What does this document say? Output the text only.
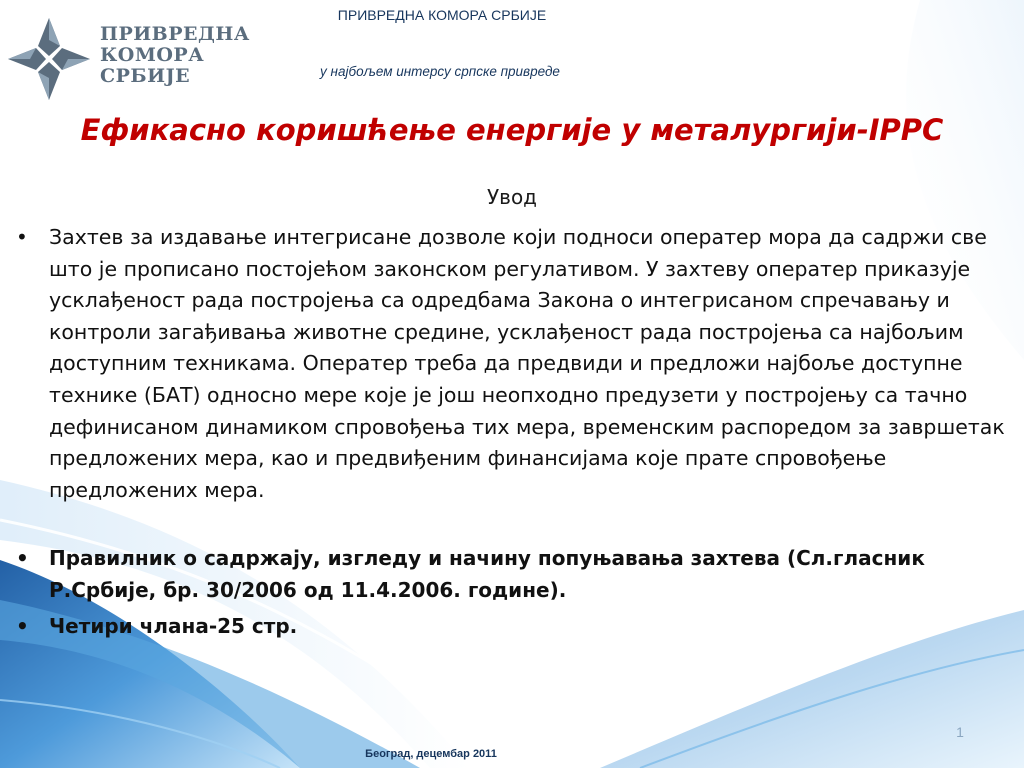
ПРИВРЕДНА
КОМОРА
СРБИЈЕ
ПРИВРЕДНА КОМОРА СРБИЈЕ
у најбољем интерсу српске привреде
Ефикасно коришћење енергије у металургији-IPPC
Увод
• Захтев за издавање интегрисане дозволе који подноси оператер мора да садржи све што је прописано постојећом законском регулативом. У захтеву оператер приказује усклађеност рада постројења са одредбама Закона о интегрисаном спречавању и контроли загађивања животне средине, усклађеност рада постројења са најбољим доступним техникама. Оператер треба да предвиди и предложи најбоље доступне технике (БАТ) односно мере које је још неопходно предузети у постројењу са тачно дефинисаном динамиком спровођења тих мера, временским распоредом за завршетак предложених мера, као и предвиђеним финансијама које прате спровођење предложених мера.
• Правилник о садржају, изгледу и начину попуњавања захтева (Сл.гласник Р.Србије, бр. 30/2006 од 11.4.2006. године).
• Четири члана-25 стр.
1
Београд, децембар 2011
